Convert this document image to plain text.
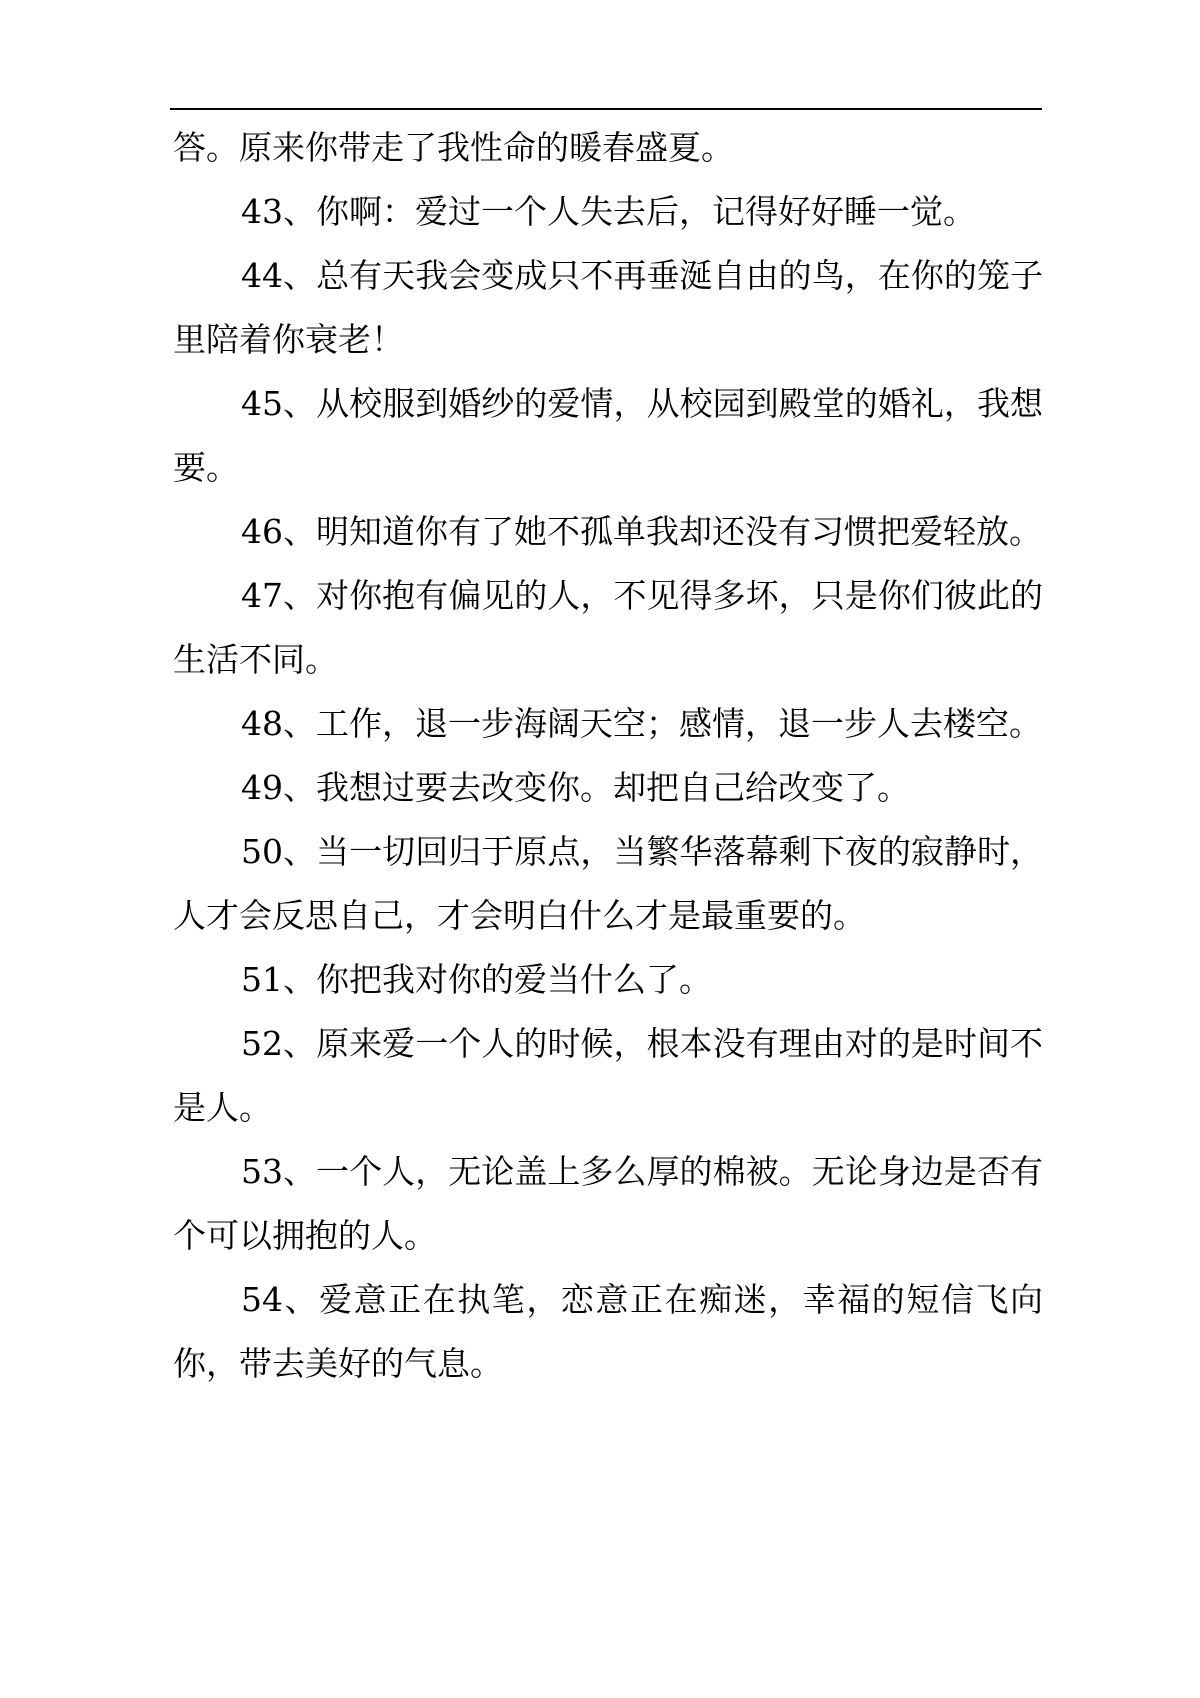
答。原来你带走了我性命的暖春盛夏。

43、你啊：爱过一个人失去后，记得好好睡一觉。

44、总有天我会变成只不再垂涎自由的鸟，在你的笼子里陪着你衰老！

45、从校服到婚纱的爱情，从校园到殿堂的婚礼，我想要。

46、明知道你有了她不孤单我却还没有习惯把爱轻放。

47、对你抱有偏见的人，不见得多坏，只是你们彼此的生活不同。

48、工作，退一步海阔天空；感情，退一步人去楼空。

49、我想过要去改变你。却把自己给改变了。

50、当一切回归于原点，当繁华落幕剩下夜的寂静时，人才会反思自己，才会明白什么才是最重要的。

51、你把我对你的爱当什么了。

52、原来爱一个人的时候，根本没有理由对的是时间不是人。

53、一个人，无论盖上多么厚的棉被。无论身边是否有个可以拥抱的人。

54、爱意正在执笔，恋意正在痴迷，幸福的短信飞向你，带去美好的气息。
